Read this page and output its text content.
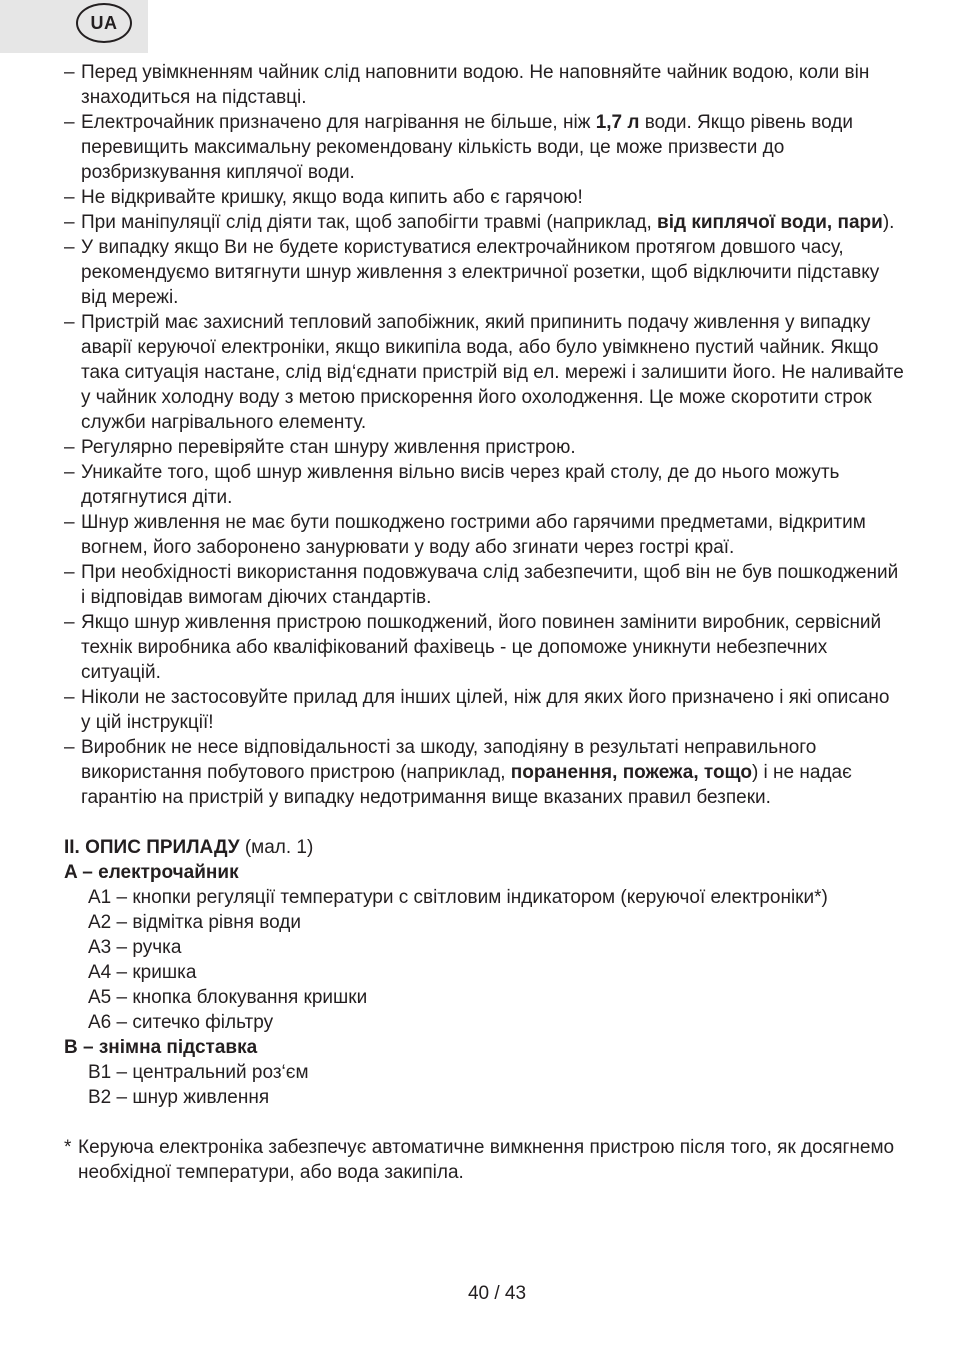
UA
– Перед увімкненням чайник слід наповнити водою. Не наповняйте чайник водою, коли він знаходиться на підставці.
– Електрочайник призначено для нагрівання не більше, ніж 1,7 л води. Якщо рівень води перевищить максимальну рекомендовану кількість води, це може призвести до розбризкування киплячої води.
– Не відкривайте кришку, якщо вода кипить або є гарячою!
– При маніпуляції слід діяти так, щоб запобігти травмі (наприклад, від киплячої води, пари).
– У випадку якщо Ви не будете користуватися електрочайником протягом довшого часу, рекомендуємо витягнути шнур живлення з електричної розетки, щоб відключити підставку від мережі.
– Пристрій має захисний тепловий запобіжник, який припинить подачу живлення у випадку аварії керуючої електроніки, якщо википіла вода, або було увімкнено пустий чайник. Якщо така ситуація настане, слід від‘єднати пристрій від ел. мережі і залишити його. Не наливайте у чайник холодну воду з метою прискорення його охолодження. Це може скоротити строк служби нагрівального елементу.
– Регулярно перевіряйте стан шнуру живлення пристрою.
– Уникайте того, щоб шнур живлення вільно висів через край столу, де до нього можуть дотягнутися діти.
– Шнур живлення не має бути пошкоджено гострими або гарячими предметами, відкритим вогнем, його заборонено занурювати у воду або згинати через гострі краї.
– При необхідності використання подовжувача слід забезпечити, щоб він не був пошкоджений і відповідав вимогам діючих стандартів.
– Якщо шнур живлення пристрою пошкоджений, його повинен замінити виробник, сервісний технік виробника або кваліфікований фахівець - це допоможе уникнути небезпечних ситуацій.
– Ніколи не застосовуйте прилад для інших цілей, ніж для яких його призначено і які описано у цій інструкції!
– Виробник не несе відповідальності за шкоду, заподіяну в результаті неправильного використання побутового пристрою (наприклад, поранення, пожежа, тощо) і не надає гарантію на пристрій у випадку недотримання вище вказаних правил безпеки.
II. ОПИС ПРИЛАДУ (мал. 1)
A – електрочайник
A1 – кнопки регуляції температури с світловим індикатором (керуючої електроніки*)
A2 – відмітка рівня води
A3 – ручка
A4 – кришка
A5 – кнопка блокування кришки
A6 – ситечко фільтру
B – знімна підставка
B1 – центральний роз‘єм
B2 – шнур живлення
* Керуюча електроніка забезпечує автоматичне вимкнення пристрою після того, як досягнемо необхідної температури, або вода закипіла.
40 / 43
